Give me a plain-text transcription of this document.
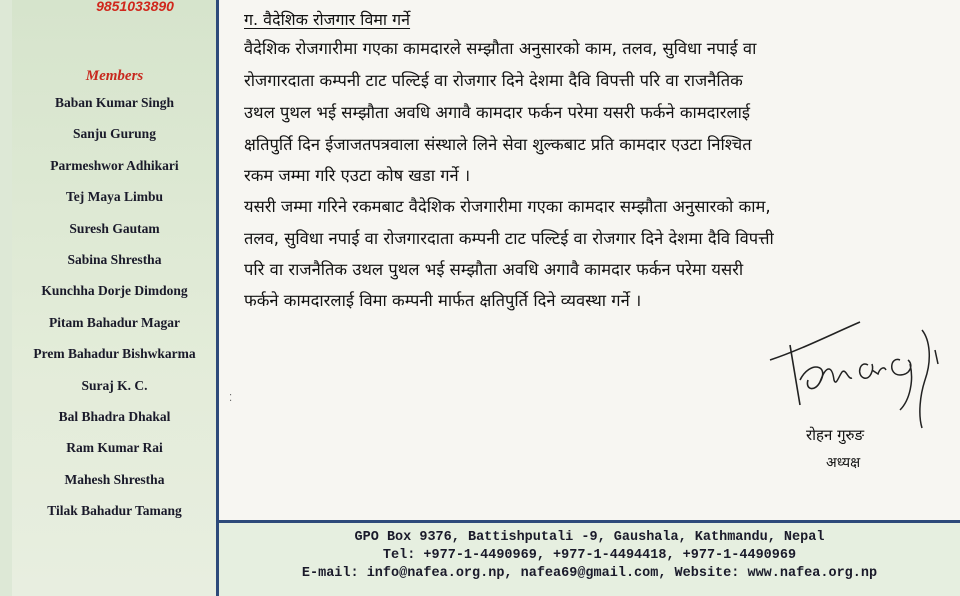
9851033890
Members
Baban Kumar Singh
Sanju Gurung
Parmeshwor Adhikari
Tej Maya Limbu
Suresh Gautam
Sabina Shrestha
Kunchha Dorje Dimdong
Pitam Bahadur Magar
Prem Bahadur Bishwkarma
Suraj K. C.
Bal Bhadra Dhakal
Ram Kumar Rai
Mahesh Shrestha
Tilak Bahadur Tamang
ग. वैदेशिक रोजगार विमा गर्ने
वैदेशिक रोजगारीमा गएका कामदारले सम्झौता अनुसारको काम, तलव, सुविधा नपाई वा
रोजगारदाता कम्पनी टाट पल्टिई वा रोजगार दिने देशमा दैवि विपत्ती परि वा राजनैतिक
उथल पुथल भई सम्झौता अवधि अगावै कामदार फर्कन परेमा यसरी फर्कने कामदारलाई
क्षतिपुर्ति दिन ईजाजतपत्रवाला संस्थाले लिने सेवा शुल्कबाट प्रति कामदार एउटा निश्चित
रकम जम्मा गरि एउटा कोष खडा गर्ने ।
यसरी जम्मा गरिने रकमबाट वैदेशिक रोजगारीमा गएका कामदार सम्झौता अनुसारको काम,
तलव, सुविधा नपाई वा रोजगारदाता कम्पनी टाट पल्टिई वा रोजगार दिने देशमा दैवि विपत्ती
परि वा राजनैतिक उथल पुथल भई सम्झौता अवधि अगावै कामदार फर्कन परेमा यसरी
फर्कने कामदारलाई विमा कम्पनी मार्फत क्षतिपुर्ति दिने व्यवस्था गर्ने ।
⁚
रोहन गुरुङ
अध्यक्ष
GPO Box 9376, Battishputali -9, Gaushala, Kathmandu, Nepal
Tel: +977-1-4490969, +977-1-4494418, +977-1-4490969
E-mail: info@nafea.org.np, nafea69@gmail.com, Website: www.nafea.org.np
